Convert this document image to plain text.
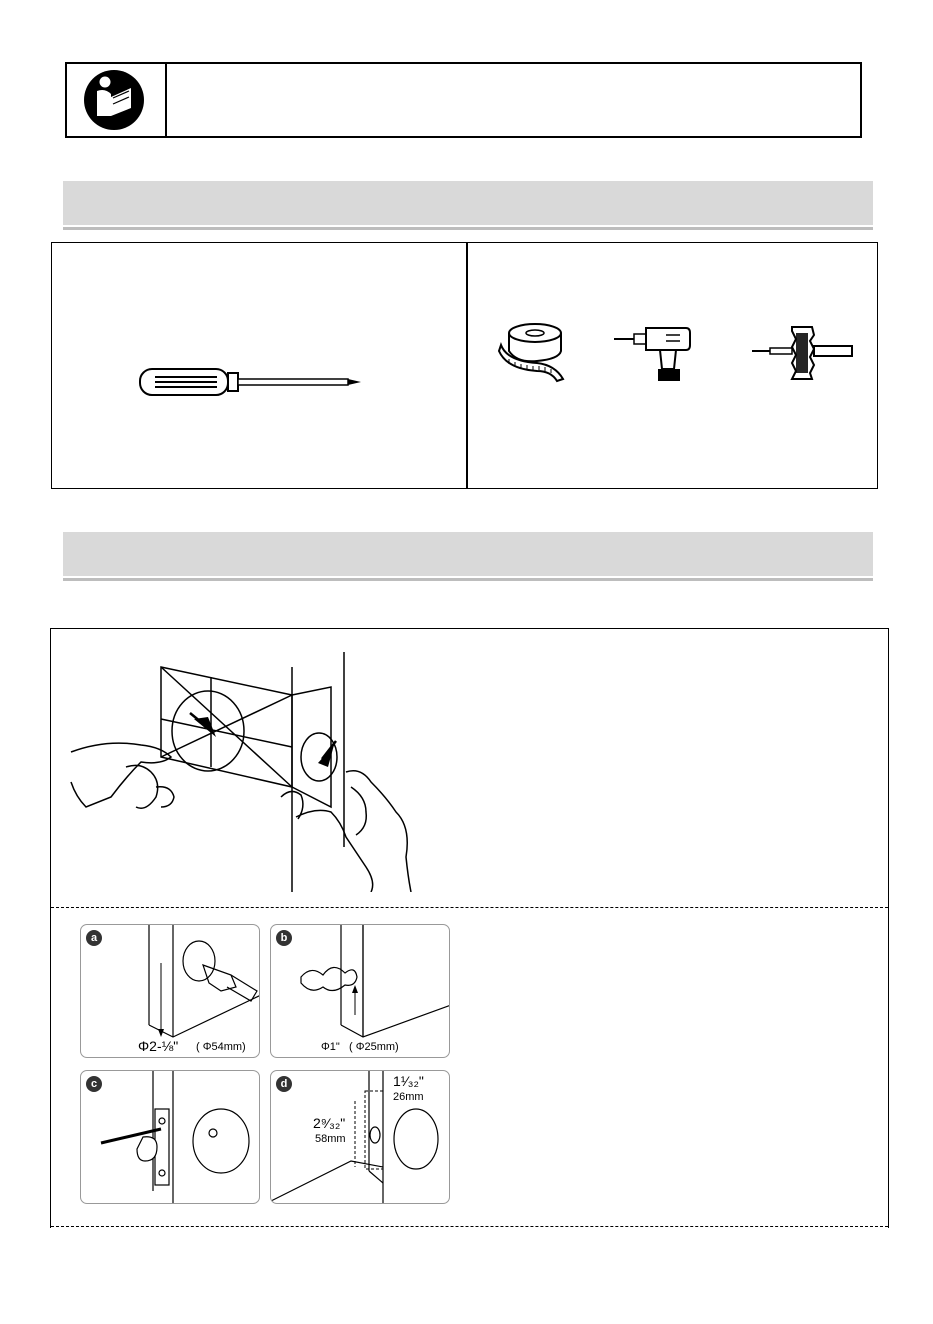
a
Φ2-⅛" ( Φ54mm)
b
Φ1" ( Φ25mm)
c	d	1¹⁄₃₂"
26mm
2⁹⁄₃₂"
58mm
